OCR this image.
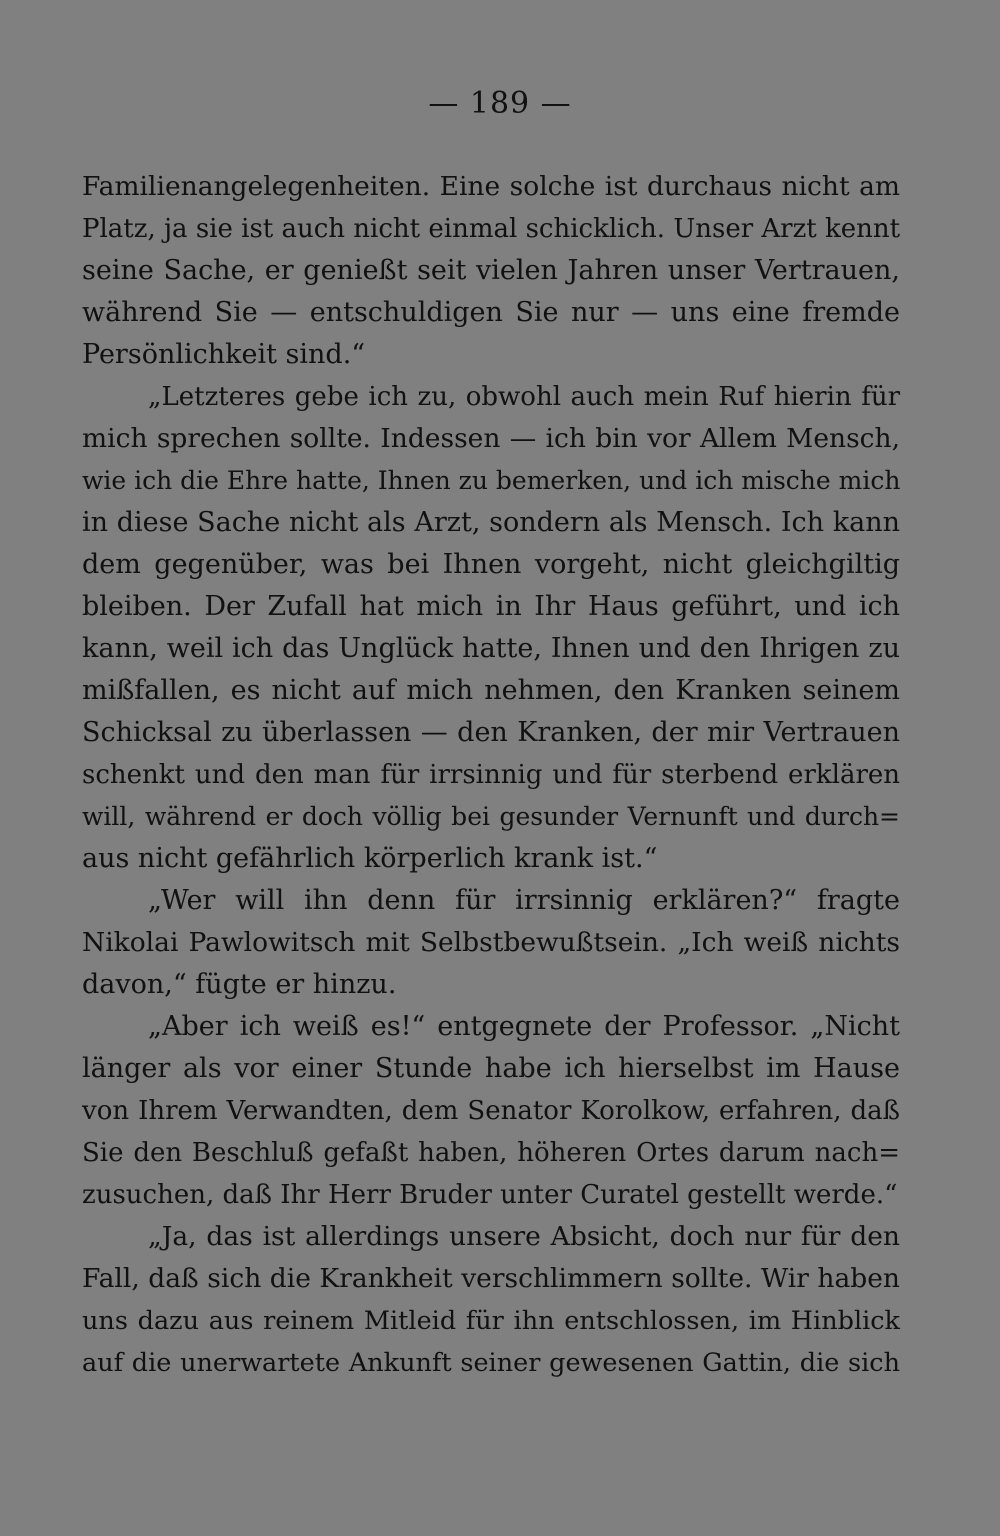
— 189 —
Familienangelegenheiten. Eine solche ist durchaus nicht am
Platz, ja sie ist auch nicht einmal schicklich. Unser Arzt kennt
seine Sache, er genießt seit vielen Jahren unser Vertrauen,
während Sie — entschuldigen Sie nur — uns eine fremde
Persönlichkeit sind.“
„Letzteres gebe ich zu, obwohl auch mein Ruf hierin für
mich sprechen sollte. Indessen — ich bin vor Allem Mensch,
wie ich die Ehre hatte, Ihnen zu bemerken, und ich mische mich
in diese Sache nicht als Arzt, sondern als Mensch. Ich kann
dem gegenüber, was bei Ihnen vorgeht, nicht gleichgiltig
bleiben. Der Zufall hat mich in Ihr Haus geführt, und ich
kann, weil ich das Unglück hatte, Ihnen und den Ihrigen zu
mißfallen, es nicht auf mich nehmen, den Kranken seinem
Schicksal zu überlassen — den Kranken, der mir Vertrauen
schenkt und den man für irrsinnig und für sterbend erklären
will, während er doch völlig bei gesunder Vernunft und durch=
aus nicht gefährlich körperlich krank ist.“
„Wer will ihn denn für irrsinnig erklären?“ fragte
Nikolai Pawlowitsch mit Selbstbewußtsein. „Ich weiß nichts
davon,“ fügte er hinzu.
„Aber ich weiß es!“ entgegnete der Professor. „Nicht
länger als vor einer Stunde habe ich hierselbst im Hause
von Ihrem Verwandten, dem Senator Korolkow, erfahren, daß
Sie den Beschluß gefaßt haben, höheren Ortes darum nach=
zusuchen, daß Ihr Herr Bruder unter Curatel gestellt werde.“
„Ja, das ist allerdings unsere Absicht, doch nur für den
Fall, daß sich die Krankheit verschlimmern sollte. Wir haben
uns dazu aus reinem Mitleid für ihn entschlossen, im Hinblick
auf die unerwartete Ankunft seiner gewesenen Gattin, die sich
